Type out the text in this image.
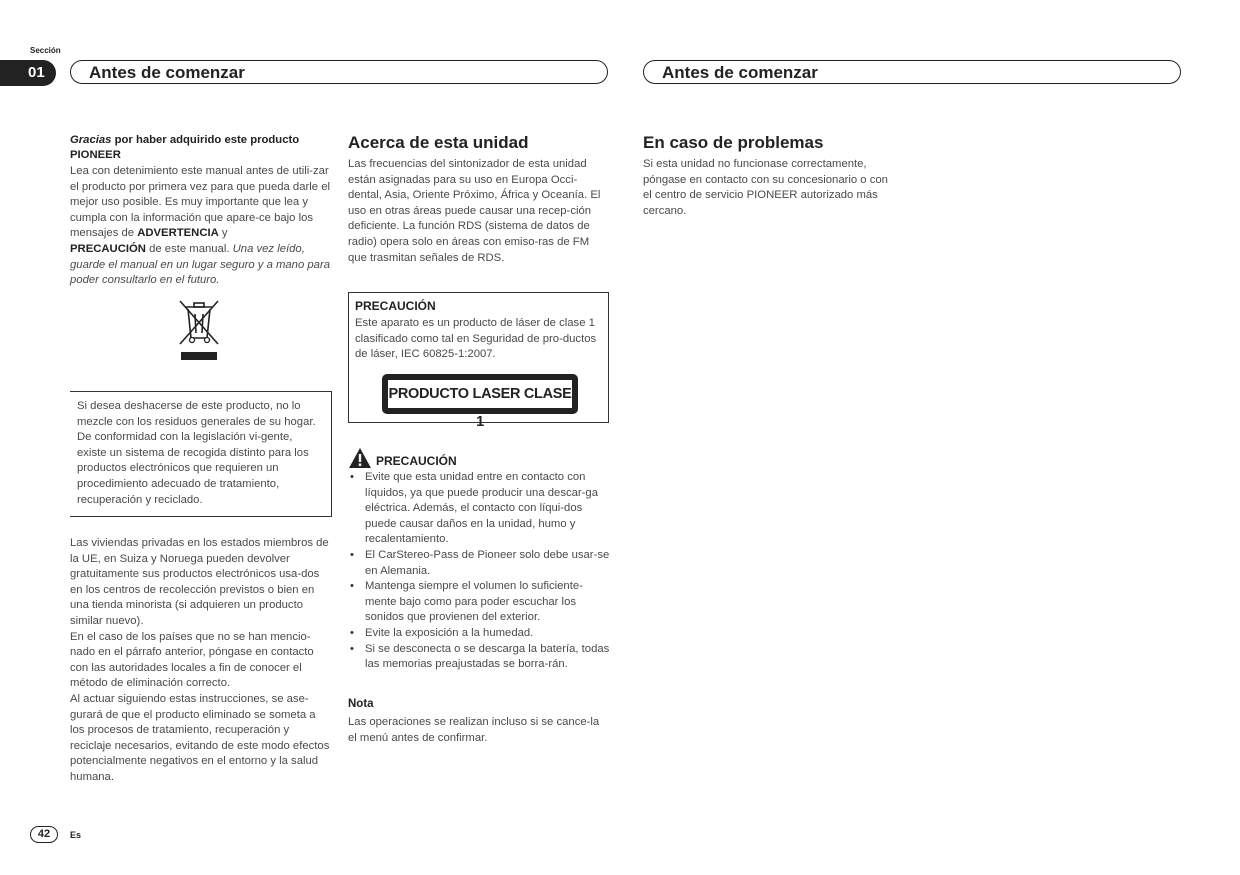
Sección
01	Antes de comenzar	Antes de comenzar
Gracias por haber adquirido este producto
PIONEER

Lea con detenimiento este manual antes de utili-zar el producto por primera vez para que pueda darle el mejor uso posible. Es muy importante que lea y cumpla con la información que apare-ce bajo los mensajes de ADVERTENCIA y
PRECAUCIÓN de este manual. Una vez leído, guarde el manual en un lugar seguro y a mano para poder consultarlo en el futuro.

Si desea deshacerse de este producto, no lo mezcle con los residuos generales de su hogar. De conformidad con la legislación vi-gente, existe un sistema de recogida distinto para los productos electrónicos que requieren un procedimiento adecuado de tratamiento, recuperación y reciclado.

Las viviendas privadas en los estados miembros de la UE, en Suiza y Noruega pueden devolver gratuitamente sus productos electrónicos usa-dos en los centros de recolección previstos o bien en una tienda minorista (si adquieren un producto similar nuevo).

En el caso de los países que no se han mencio-nado en el párrafo anterior, póngase en contacto con las autoridades locales a fin de conocer el método de eliminación correcto.

Al actuar siguiendo estas instrucciones, se ase-gurará de que el producto eliminado se someta a los procesos de tratamiento, recuperación y reciclaje necesarios, evitando de este modo efectos potencialmente negativos en el entorno y la salud humana.

Acerca de esta unidad

Las frecuencias del sintonizador de esta unidad están asignadas para su uso en Europa Occi-dental, Asia, Oriente Próximo, África y Oceanía. El uso en otras áreas puede causar una recep-ción deficiente. La función RDS (sistema de datos de radio) opera solo en áreas con emiso-ras de FM que trasmitan señales de RDS.

PRECAUCIÓN

Este aparato es un producto de láser de clase 1 clasificado como tal en Seguridad de pro-ductos de láser, IEC 60825-1:2007.

PRODUCTO LASER CLASE 1
PRECAUCIÓN
• Evite que esta unidad entre en contacto con líquidos, ya que puede producir una descar-ga eléctrica. Además, el contacto con líqui-dos puede causar daños en la unidad, humo y recalentamiento.
• El CarStereo-Pass de Pioneer solo debe usar-se en Alemania.
• Mantenga siempre el volumen lo suficiente-mente bajo como para poder escuchar los sonidos que provienen del exterior.
• Evite la exposición a la humedad.
• Si se desconecta o se descarga la batería, todas las memorias preajustadas se borra-rán.
Nota
Las operaciones se realizan incluso si se cance-la el menú antes de confirmar.
En caso de problemas

Si esta unidad no funcionase correctamente, póngase en contacto con su concesionario o con el centro de servicio PIONEER autorizado más cercano.

42	Es
